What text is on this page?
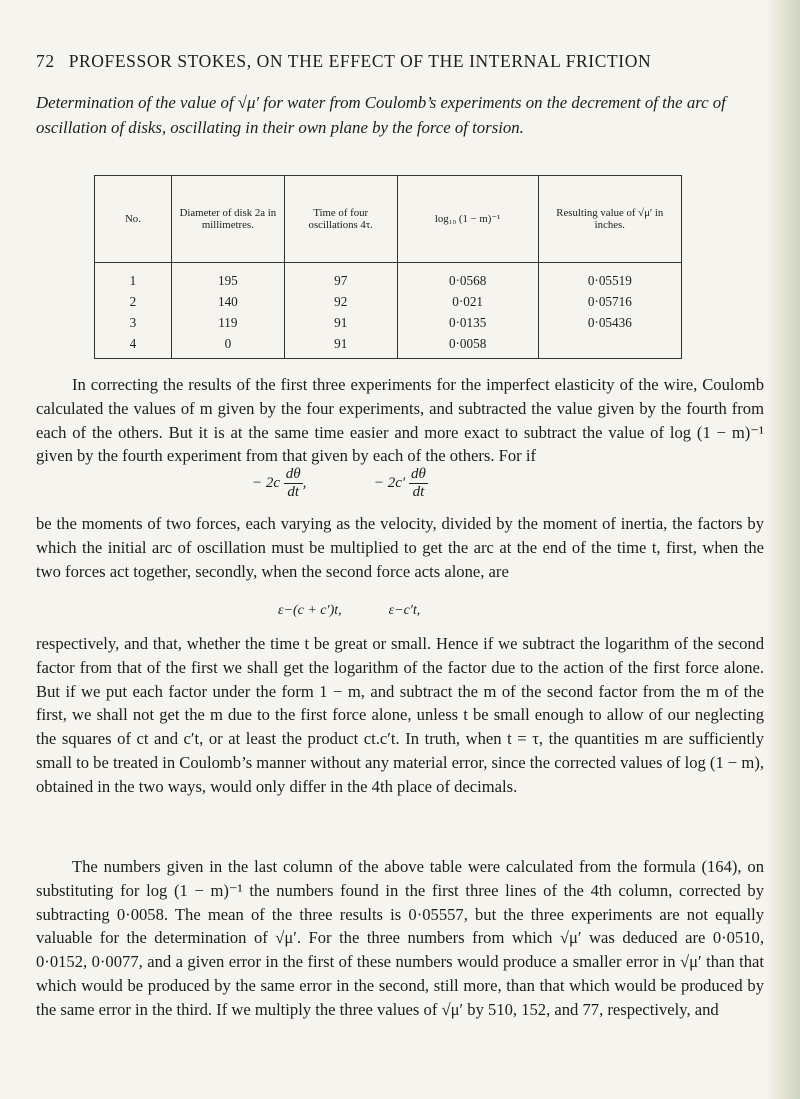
72 PROFESSOR STOKES, ON THE EFFECT OF THE INTERNAL FRICTION

Determination of the value of √μ′ for water from Coulomb’s experiments on the decrement of the arc of oscillation of disks, oscillating in their own plane by the force of torsion.

No.	Diameter of disk 2a in millimetres.	Time of four oscillations 4τ.	log₁₀ (1 − m)⁻¹	Resulting value of √μ′ in inches.
1	195	97	0·0568	0·05519
2	140	92	0·021	0·05716
3	119	91	0·0135	0·05436
4	0	91	0·0058	

In correcting the results of the first three experiments for the imperfect elasticity of the wire, Coulomb calculated the values of m given by the four experiments, and subtracted the value given by the fourth from each of the others. But it is at the same time easier and more exact to subtract the value of log (1 − m)⁻¹ given by the fourth experiment from that given by each of the others. For if

− $2c \frac{d\theta}{dt}$ ,	− $2c' \frac{d\theta}{dt}$

be the moments of two forces, each varying as the velocity, divided by the moment of inertia, the factors by which the initial arc of oscillation must be multiplied to get the arc at the end of the time t, first, when the two forces act together, secondly, when the second force acts alone, are

ε−(c + c′)t,	ε−c′t,

respectively, and that, whether the time t be great or small. Hence if we subtract the logarithm of the second factor from that of the first we shall get the logarithm of the factor due to the action of the first force alone. But if we put each factor under the form 1 − m, and subtract the m of the second factor from the m of the first, we shall not get the m due to the first force alone, unless t be small enough to allow of our neglecting the squares of ct and c′t, or at least the product ct.c′t. In truth, when t = τ, the quantities m are sufficiently small to be treated in Coulomb’s manner without any material error, since the corrected values of log (1 − m), obtained in the two ways, would only differ in the 4th place of decimals.

The numbers given in the last column of the above table were calculated from the formula (164), on substituting for log (1 − m)⁻¹ the numbers found in the first three lines of the 4th column, corrected by subtracting 0·0058. The mean of the three results is 0·05557, but the three experiments are not equally valuable for the determination of √μ′. For the three numbers from which √μ′ was deduced are 0·0510, 0·0152, 0·0077, and a given error in the first of these numbers would produce a smaller error in √μ′ than that which would be produced by the same error in the second, still more, than that which would be produced by the same error in the third. If we multiply the three values of √μ′ by 510, 152, and 77, respectively, and
